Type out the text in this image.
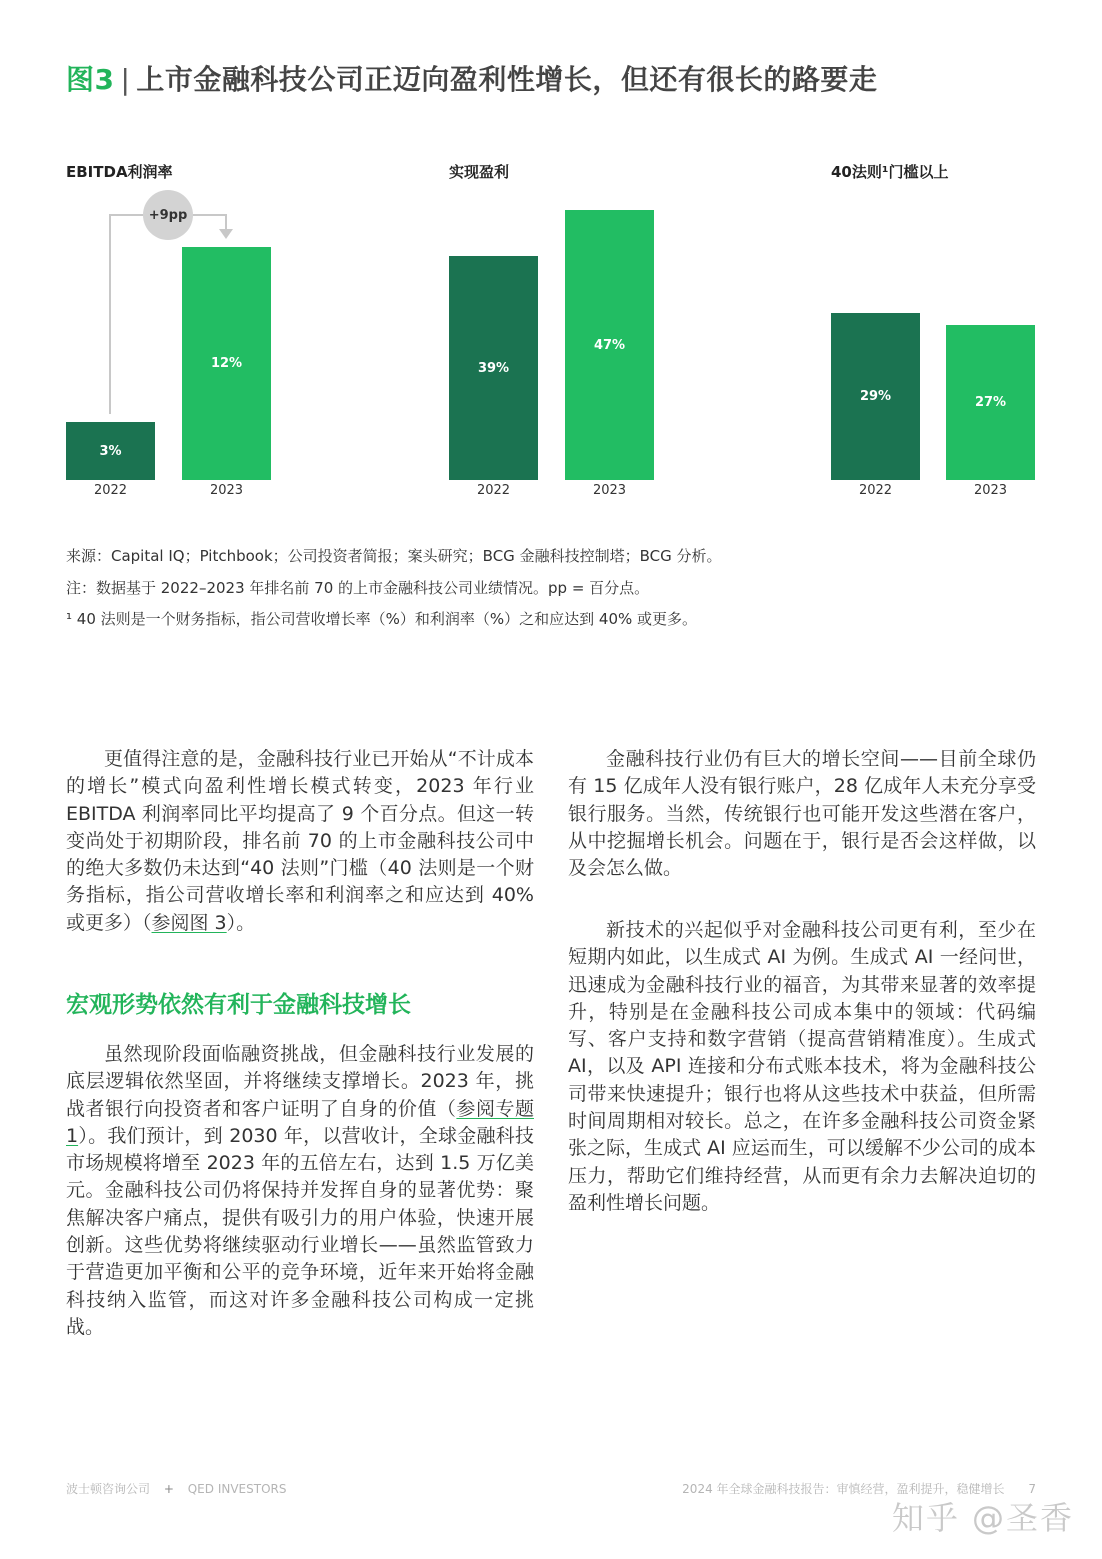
图3 | 上市金融科技公司正迈向盈利性增长，但还有很长的路要走
EBITDA利润率
+9pp
3%
12%
2022	2023
实现盈利
39%
47%
2022	2023
40法则¹门槛以上
29%	27%
2022	2023
来源：Capital IQ；Pitchbook；公司投资者简报；案头研究；BCG 金融科技控制塔；BCG 分析。
注：数据基于 2022–2023 年排名前 70 的上市金融科技公司业绩情况。pp = 百分点。
¹ 40 法则是一个财务指标，指公司营收增长率（%）和利润率（%）之和应达到 40% 或更多。

更值得注意的是，金融科技行业已开始从“不计成本的增长”模式向盈利性增长模式转变，2023 年行业 EBITDA 利润率同比平均提高了 9 个百分点。但这一转变尚处于初期阶段，排名前 70 的上市金融科技公司中的绝大多数仍未达到“40 法则”门槛（40 法则是一个财务指标，指公司营收增长率和利润率之和应达到 40% 或更多）（参阅图 3）。

宏观形势依然有利于金融科技增长

虽然现阶段面临融资挑战，但金融科技行业发展的底层逻辑依然坚固，并将继续支撑增长。2023 年，挑战者银行向投资者和客户证明了自身的价值（参阅专题 1）。我们预计，到 2030 年，以营收计，全球金融科技市场规模将增至 2023 年的五倍左右，达到 1.5 万亿美元。金融科技公司仍将保持并发挥自身的显著优势：聚焦解决客户痛点，提供有吸引力的用户体验，快速开展创新。这些优势将继续驱动行业增长——虽然监管致力于营造更加平衡和公平的竞争环境，近年来开始将金融科技纳入监管，而这对许多金融科技公司构成一定挑战。

金融科技行业仍有巨大的增长空间——目前全球仍有 15 亿成年人没有银行账户，28 亿成年人未充分享受银行服务。当然，传统银行也可能开发这些潜在客户，从中挖掘增长机会。问题在于，银行是否会这样做，以及会怎么做。

新技术的兴起似乎对金融科技公司更有利，至少在短期内如此，以生成式 AI 为例。生成式 AI 一经问世，迅速成为金融科技行业的福音，为其带来显著的效率提升，特别是在金融科技公司成本集中的领域：代码编写、客户支持和数字营销（提高营销精准度）。生成式 AI，以及 API 连接和分布式账本技术，将为金融科技公司带来快速提升；银行也将从这些技术中获益，但所需时间周期相对较长。总之，在许多金融科技公司资金紧张之际，生成式 AI 应运而生，可以缓解不少公司的成本压力，帮助它们维持经营，从而更有余力去解决迫切的盈利性增长问题。

波士顿咨询公司 + QED INVESTORS	2024 年全球金融科技报告：审慎经营，盈利提升，稳健增长 7
知乎 @圣香
